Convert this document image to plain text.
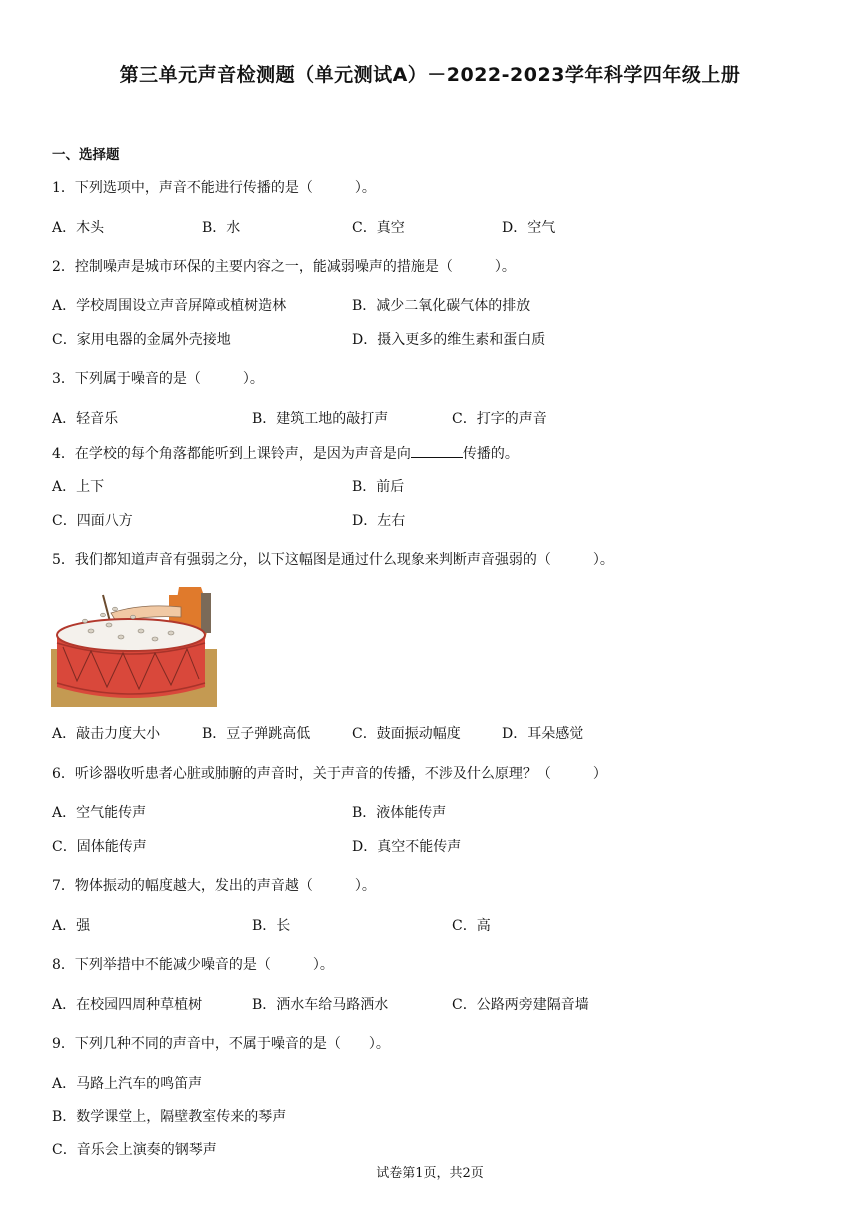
第三单元声音检测题（单元测试A）－2022-2023学年科学四年级上册
一、选择题
1．下列选项中，声音不能进行传播的是（　　　）。
A．木头	B．水	C．真空	D．空气
2．控制噪声是城市环保的主要内容之一，能减弱噪声的措施是（　　　）。
A．学校周围设立声音屏障或植树造林	B．减少二氧化碳气体的排放
C．家用电器的金属外壳接地	D．摄入更多的维生素和蛋白质
3．下列属于噪音的是（　　　）。
A．轻音乐	B．建筑工地的敲打声	C．打字的声音
4．在学校的每个角落都能听到上课铃声，是因为声音是向	传播的。
A．上下	B．前后
C．四面八方	D．左右
5．我们都知道声音有强弱之分，以下这幅图是通过什么现象来判断声音强弱的（　　　）。
A．敲击力度大小	B．豆子弹跳高低	C．鼓面振动幅度	D．耳朵感觉
6．听诊器收听患者心脏或肺腑的声音时，关于声音的传播，不涉及什么原理？（　　　）
A．空气能传声	B．液体能传声
C．固体能传声	D．真空不能传声
7．物体振动的幅度越大，发出的声音越（　　　）。
A．强	B．长	C．高
8．下列举措中不能减少噪音的是（　　　）。
A．在校园四周种草植树	B．洒水车给马路洒水	C．公路两旁建隔音墙
9．下列几种不同的声音中，不属于噪音的是（　　）。
A．马路上汽车的鸣笛声
B．数学课堂上，隔壁教室传来的琴声
C．音乐会上演奏的钢琴声
试卷第1页，共2页
